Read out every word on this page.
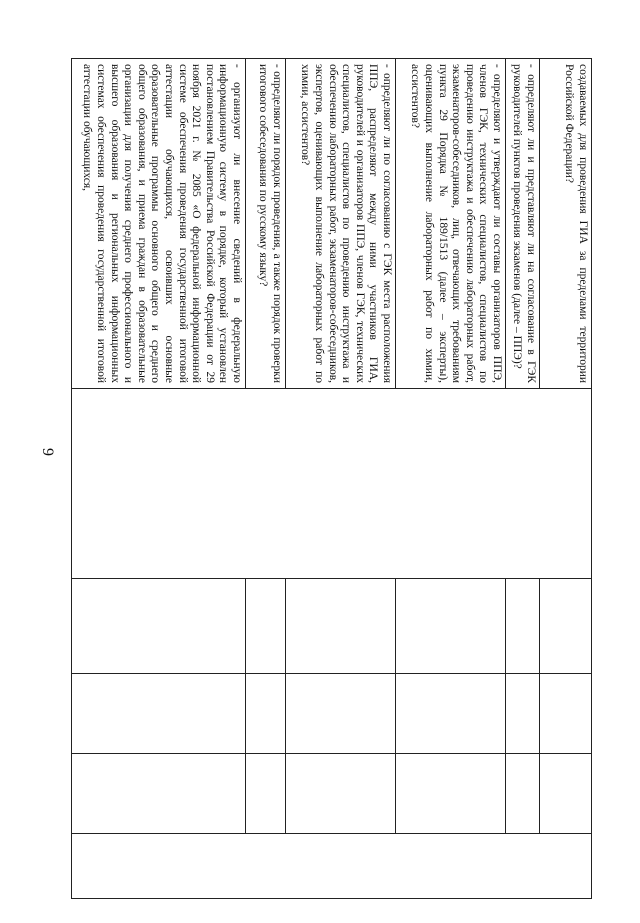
9
создаваемых для проведения ГИА за пределами территории Российской Федерации?					
- определяют ли и представляют ли на согласование в ГЭК руководителей пунктов проведения экзаменов (далее – ППЭ)?					
- определяют и утверждают ли составы организаторов ППЭ, членов ГЭК, технических специалистов, специалистов по проведению инструктажа и обеспечению лабораторных работ, экзаменаторов-собеседников, лиц, отвечающих требованиям пункта 29 Порядка № 189/1513 (далее – эксперты), оценивающих выполнение лабораторных работ по химии, ассистентов?					
- определяют ли по согласованию с ГЭК места расположения ППЭ, распределяют между ними участников ГИА, руководителей и организаторов ППЭ, членов ГЭК, технических специалистов, специалистов по проведению инструктажа и обеспечению лабораторных работ, экзаменаторов-собеседников, экспертов, оценивающих выполнение лабораторных работ по химии, ассистентов?					
- определяют ли порядок проведения, а также порядок проверки итогового собеседования по русскому языку?					
- организуют ли внесение сведений в федеральную информационную систему в порядке, который установлен постановлением Правительства Российской Федерации от 29 ноября 2021 г. № 2085 «О федеральной информационной системе обеспечения проведения государственной итоговой аттестации обучающихся, освоивших основные образовательные программы основного общего и среднего общего образования, и приема граждан в образовательные организации для получения среднего профессионального и высшего образования и региональных информационных системах обеспечения проведения государственной итоговой аттестации обучающихся,					
